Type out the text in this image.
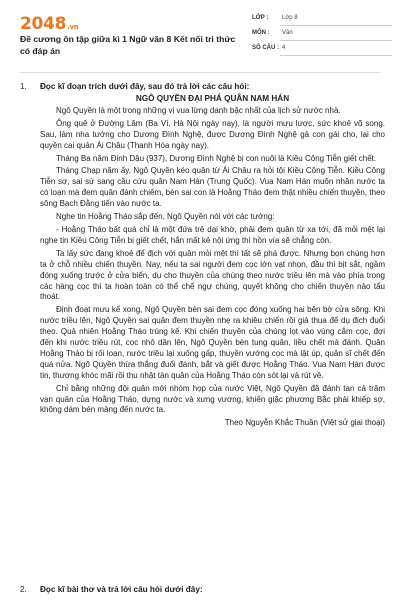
2048.vn
Đề cương ôn tập giữa kì 1 Ngữ văn 8 Kết nối tri thức có đáp án
LỚP : Lớp 8
MÔN : Văn
SỐ CÂU : 4
1. Đọc kĩ đoạn trích dưới đây, sau đó trả lời các câu hỏi:
NGÔ QUYỀN ĐẠI PHÁ QUÂN NAM HÁN

Ngô Quyền là một trong những vị vua lừng danh bậc nhất của lịch sử nước nhà.

Ông quê ở Đường Lâm (Ba Vì, Hà Nội ngày nay), là người mưu lược, sức khoẻ võ song. Sau, làm nha tướng cho Dương Đình Nghệ, được Dương Đình Nghệ gả con gái cho, lại cho quyền cai quản Ái Châu (Thanh Hóa ngày nay).

Tháng Ba năm Đinh Dậu (937), Dương Đình Nghệ bị con nuôi là Kiều Công Tiễn giết chết.

Tháng Chạp năm ấy, Ngô Quyền kéo quân từ Ái Châu ra hỏi tội Kiều Công Tiễn. Kiều Công Tiễn sợ, sai sứ sang cầu cứu quân Nam Hán (Trung Quốc). Vua Nam Hán muốn nhân nước ta có loạn mà đem quân đánh chiếm, bèn sai con là Hoằng Tháo đem thật nhiều chiến thuyền, theo sông Bạch Đằng tiến vào nước ta.

Nghe tin Hoằng Tháo sắp đến, Ngô Quyền nói với các tướng:

- Hoằng Tháo bất quá chỉ là một đứa trẻ dại khờ, phải đem quân từ xa tới, đã mỏi mệt lại nghe tin Kiều Công Tiễn bị giết chết, hắn mất kẻ nội ứng thì hồn vía sẽ chẳng còn.

Ta lấy sức đang khoẻ để địch với quân mỏi mệt thì tất sẽ phá được. Nhưng bọn chúng hơn ta ở chỗ nhiều chiến thuyền. Nay, nếu ta sai người đem cọc lớn vạt nhọn, đầu thì bịt sắt, ngầm đóng xuống trước ở cửa biển, dụ cho thuyền của chúng theo nước triều lên mà vào phía trong các hàng cọc thì ta hoàn toàn có thể chế ngự chúng, quyết không cho chiến thuyền nào tẩu thoát.

Định đoạt mưu kế xong, Ngô Quyền bèn sai đem cọc đóng xuống hai bên bờ cửa sông. Khi nước triều lên, Ngô Quyền sai quân đem thuyền nhẹ ra khiêu chiến rồi giả thua để dụ địch đuổi theo. Quả nhiên Hoằng Tháo trúng kế. Khi chiến thuyền của chúng lọt vào vùng cắm cọc, đợi đến khi nước triều rút, cọc nhô dần lên, Ngô Quyền bèn tung quân, liều chết mà đánh. Quân Hoằng Tháo bị rối loạn, nước triều lại xuống gấp, thuyền vướng cọc mà lật úp, quân sĩ chết đến quá nửa. Ngô Quyền thừa thắng đuổi đánh, bắt và giết được Hoằng Tháo. Vua Nam Hán được tin, thương khóc mãi rồi thu nhặt tàn quân của Hoằng Tháo còn sót lại và rút về.

Chỉ bằng những đội quân mới nhóm họp của nước Việt, Ngô Quyền đã đánh tan cả trăm vạn quân của Hoằng Tháo, dựng nước và xưng vương, khiến giặc phương Bắc phải khiếp sợ, không dám bén mảng đến nước ta.

Theo Nguyễn Khắc Thuần (Việt sử giai thoại)

2. Đọc kĩ bài thơ và trả lời câu hỏi dưới đây:
